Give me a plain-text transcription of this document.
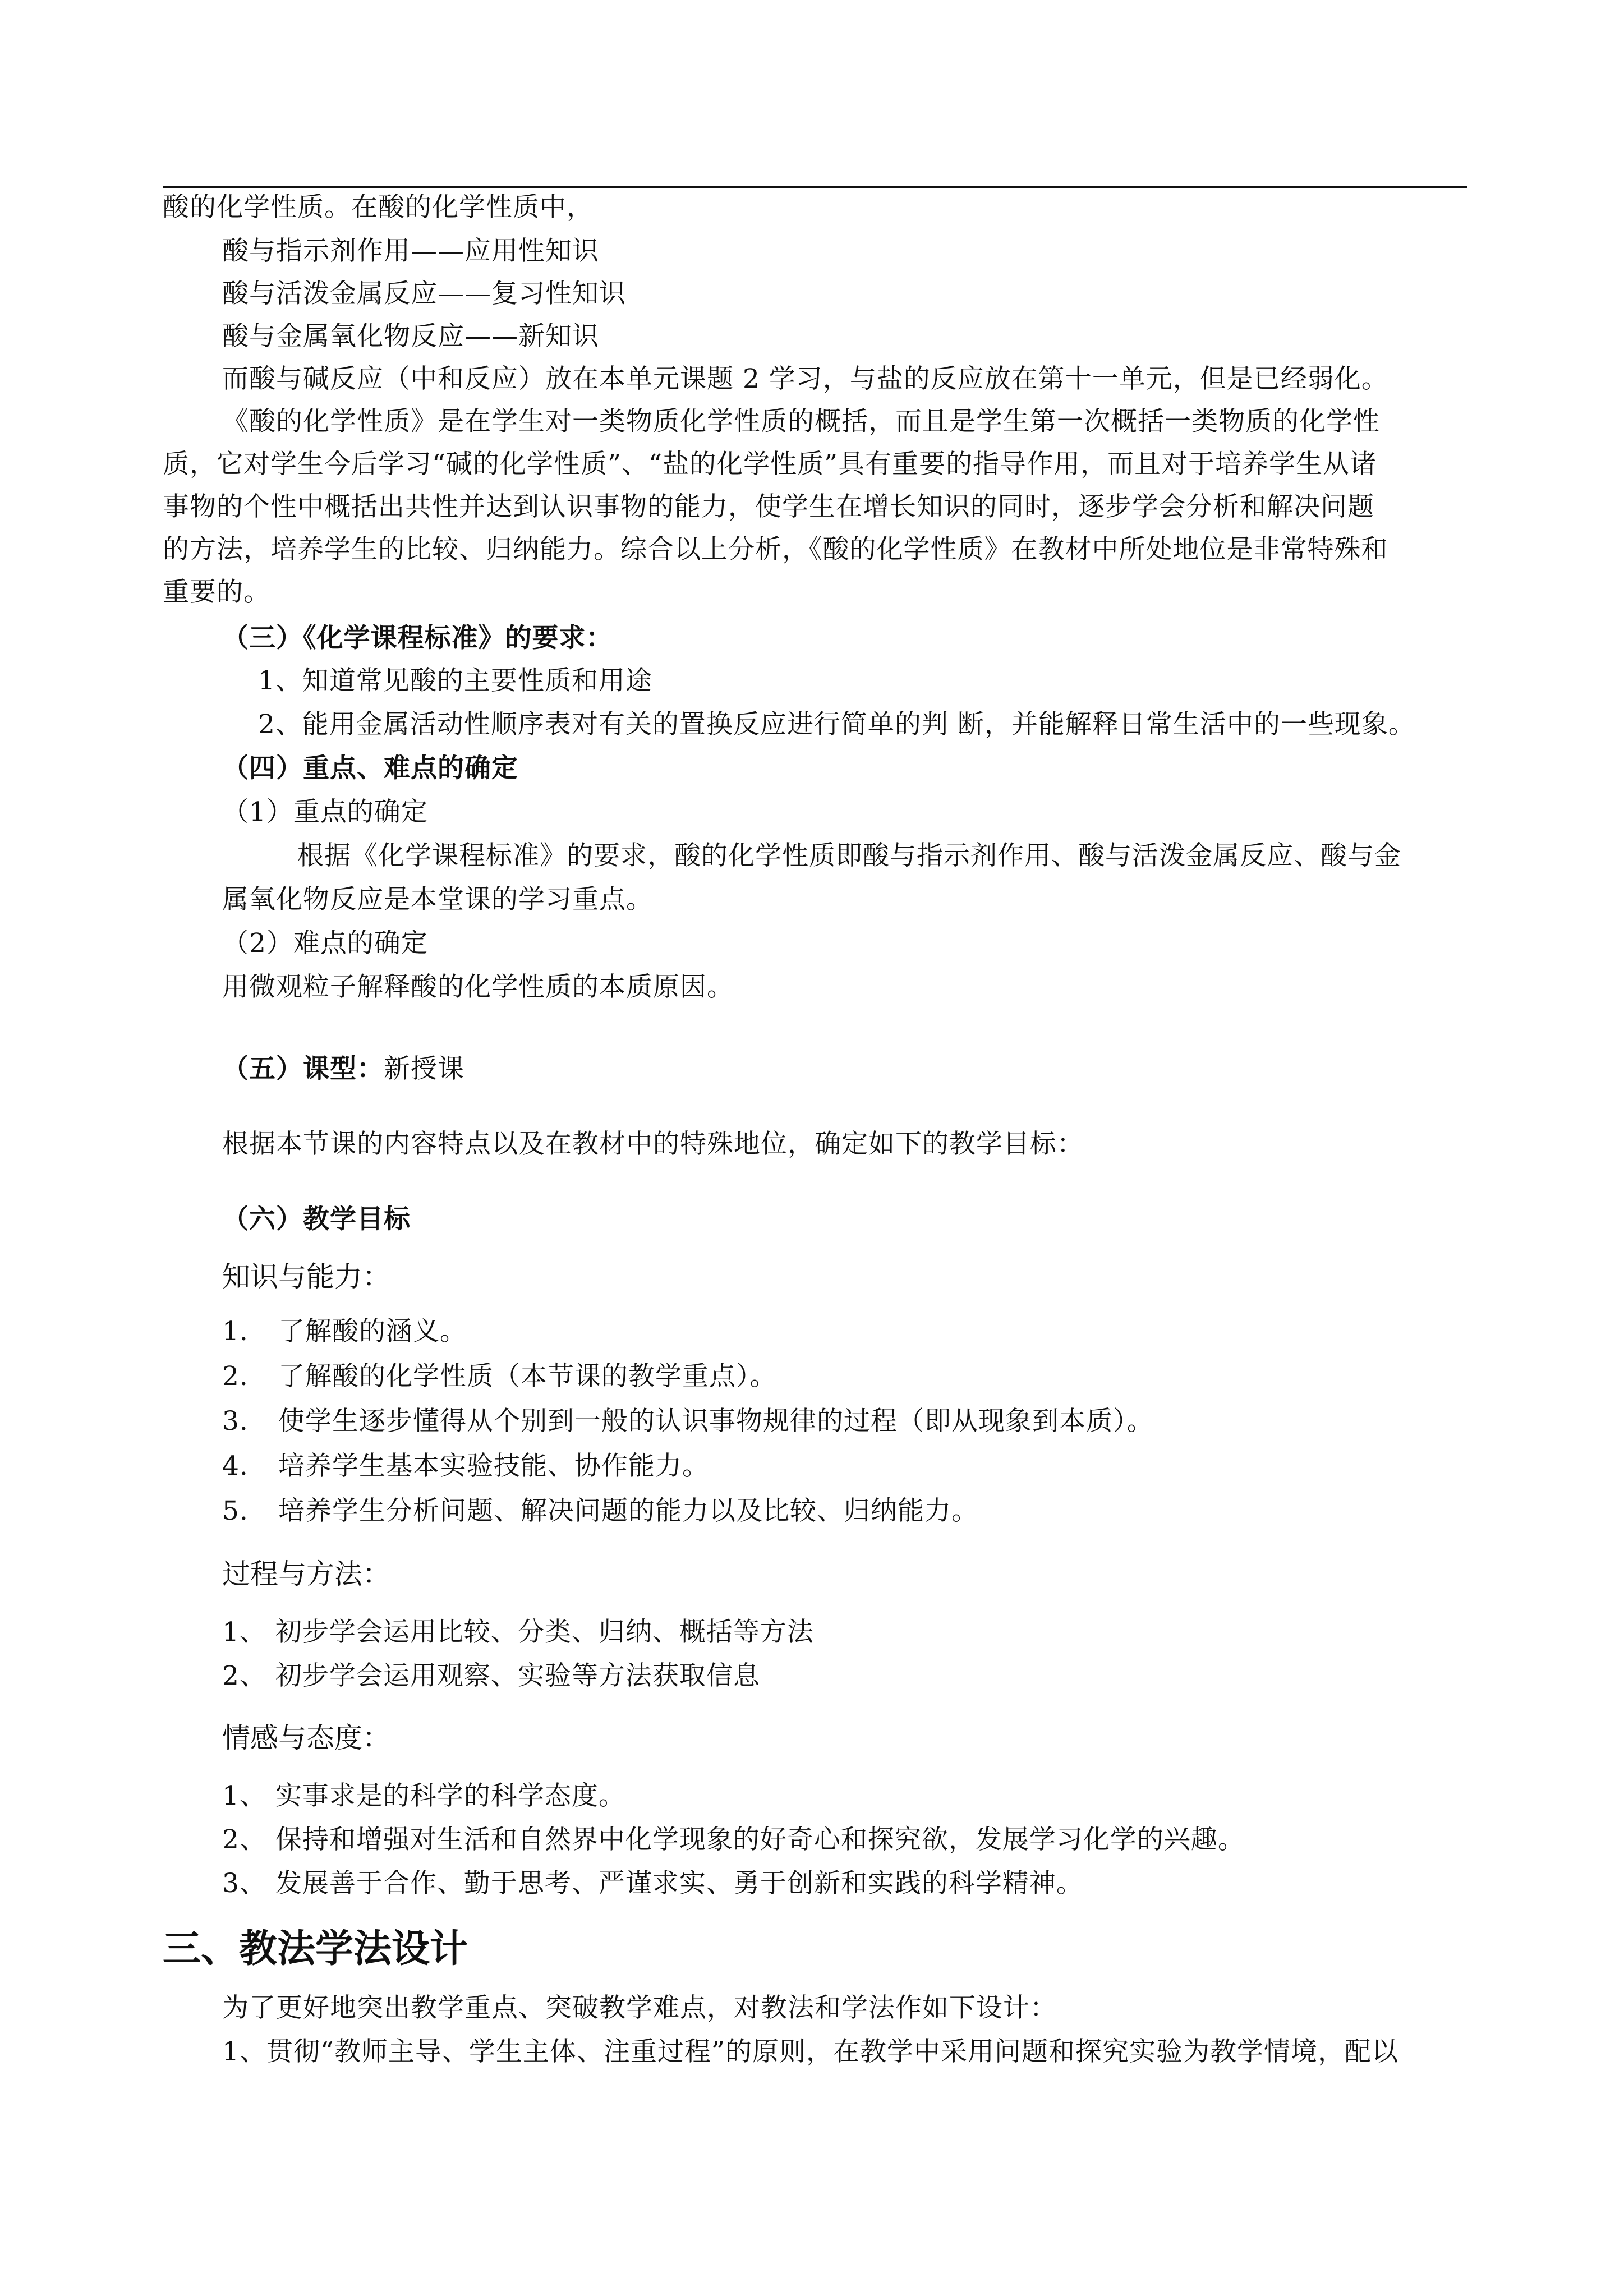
酸的化学性质。在酸的化学性质中，
酸与指示剂作用——应用性知识
酸与活泼金属反应——复习性知识
酸与金属氧化物反应——新知识
而酸与碱反应（中和反应）放在本单元课题 2 学习，与盐的反应放在第十一单元，但是已经弱化。
《酸的化学性质》是在学生对一类物质化学性质的概括，而且是学生第一次概括一类物质的化学性
质，它对学生今后学习“碱的化学性质”、“盐的化学性质”具有重要的指导作用，而且对于培养学生从诸
事物的个性中概括出共性并达到认识事物的能力，使学生在增长知识的同时，逐步学会分析和解决问题
的方法，培养学生的比较、归纳能力。综合以上分析，《酸的化学性质》在教材中所处地位是非常特殊和
重要的。
（三）《化学课程标准》的要求：
1、知道常见酸的主要性质和用途
2、能用金属活动性顺序表对有关的置换反应进行简单的判 断，并能解释日常生活中的一些现象。
（四）重点、难点的确定
（1）重点的确定
根据《化学课程标准》的要求，酸的化学性质即酸与指示剂作用、酸与活泼金属反应、酸与金
属氧化物反应是本堂课的学习重点。
（2）难点的确定
用微观粒子解释酸的化学性质的本质原因。
（五）课型：新授课
根据本节课的内容特点以及在教材中的特殊地位，确定如下的教学目标：
（六）教学目标
知识与能力：
1. 了解酸的涵义。
2. 了解酸的化学性质（本节课的教学重点）。
3. 使学生逐步懂得从个别到一般的认识事物规律的过程（即从现象到本质）。
4. 培养学生基本实验技能、协作能力。
5. 培养学生分析问题、解决问题的能力以及比较、归纳能力。
过程与方法：
1、 初步学会运用比较、分类、归纳、概括等方法
2、 初步学会运用观察、实验等方法获取信息
情感与态度：
1、 实事求是的科学的科学态度。
2、 保持和增强对生活和自然界中化学现象的好奇心和探究欲，发展学习化学的兴趣。
3、 发展善于合作、勤于思考、严谨求实、勇于创新和实践的科学精神。
三、教法学法设计
为了更好地突出教学重点、突破教学难点，对教法和学法作如下设计：
1、贯彻“教师主导、学生主体、注重过程”的原则，在教学中采用问题和探究实验为教学情境，配以
